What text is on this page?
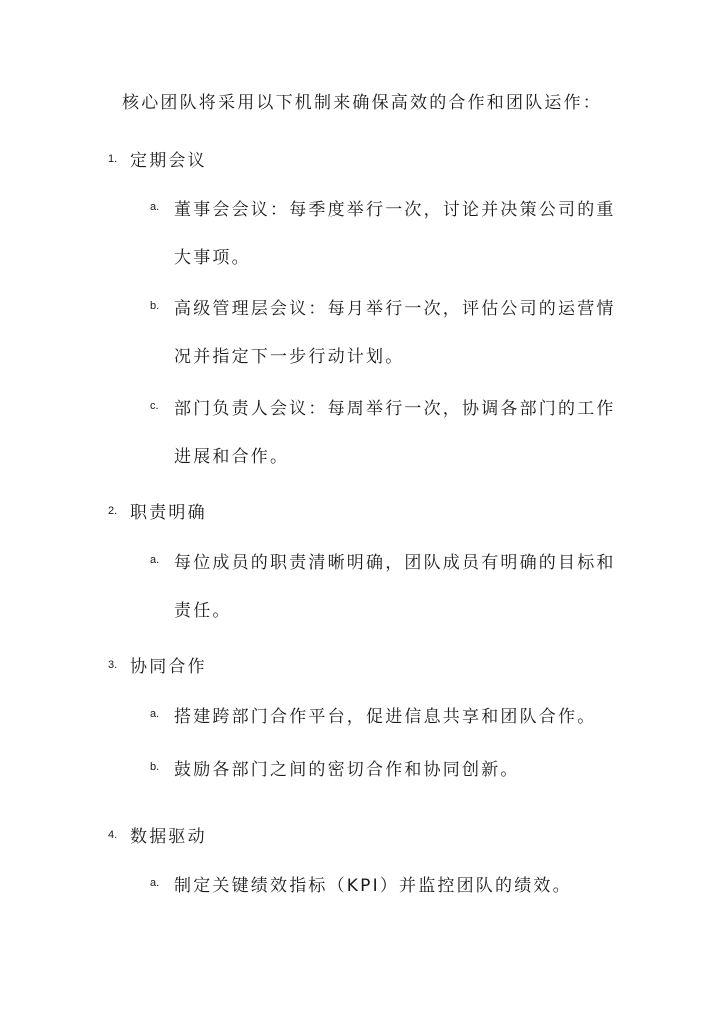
核心团队将采用以下机制来确保高效的合作和团队运作：
1. 定期会议
a. 董事会会议：每季度举行一次，讨论并决策公司的重大事项。
b. 高级管理层会议：每月举行一次，评估公司的运营情况并指定下一步行动计划。
c. 部门负责人会议：每周举行一次，协调各部门的工作进展和合作。
2. 职责明确
a. 每位成员的职责清晰明确，团队成员有明确的目标和责任。
3. 协同合作
a. 搭建跨部门合作平台，促进信息共享和团队合作。
b. 鼓励各部门之间的密切合作和协同创新。
4. 数据驱动
a. 制定关键绩效指标（KPI）并监控团队的绩效。
